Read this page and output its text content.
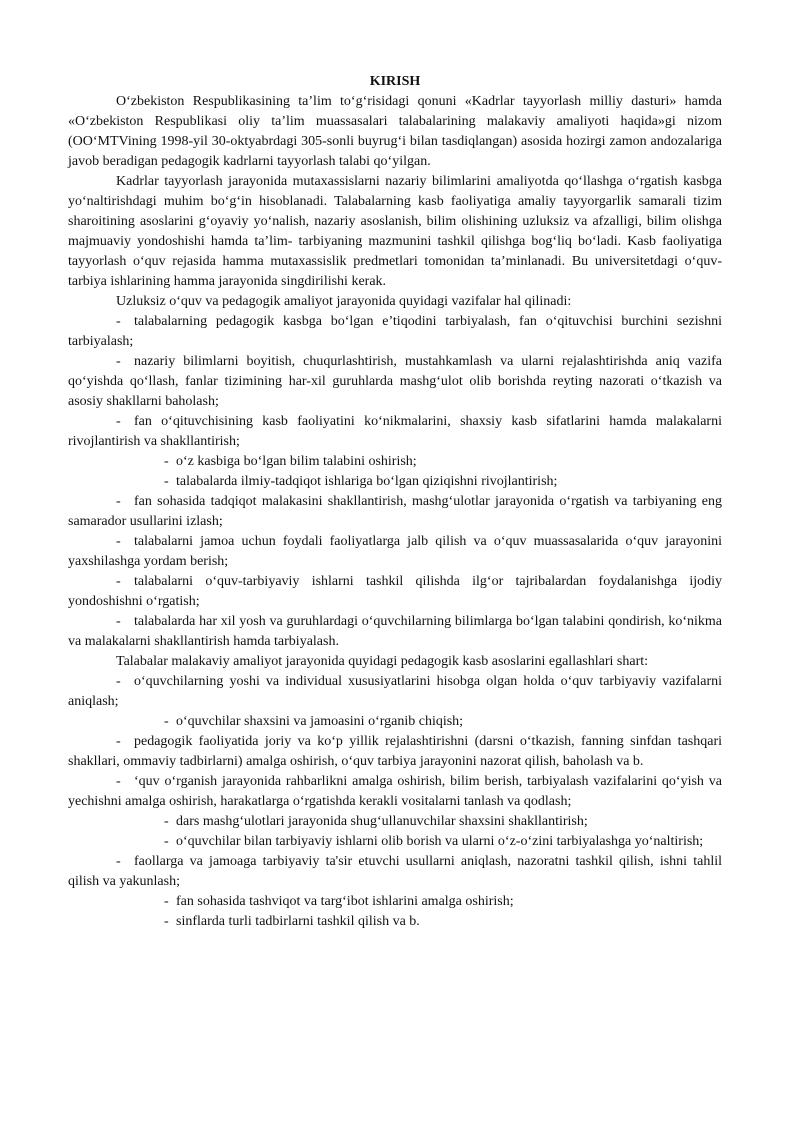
KIRISH

O‘zbekiston Respublikasining ta’lim to‘g‘risidagi qonuni «Kadrlar tayyorlash milliy dasturi» hamda «O‘zbekiston Respublikasi oliy ta’lim muassasalari talabalarining malakaviy amaliyoti haqida»gi nizom (OO‘MTVining 1998-yil 30-oktyabrdagi 305-sonli buyrug‘i bilan tasdiqlangan) asosida hozirgi zamon andozalariga javob beradigan pedagogik kadrlarni tayyorlash talabi qo‘yilgan.

Kadrlar tayyorlash jarayonida mutaxassislarni nazariy bilimlarini amaliyotda qo‘llashga o‘rgatish kasbga yo‘naltirishdagi muhim bo‘g‘in hisoblanadi. Talabalarning kasb faoliyatiga amaliy tayyorgarlik samarali tizim sharoitining asoslarini g‘oyaviy yo‘nalish, nazariy asoslanish, bilim olishining uzluksiz va afzalligi, bilim olishga majmuaviy yondoshishi hamda ta’lim- tarbiyaning mazmunini tashkil qilishga bog‘liq bo‘ladi. Kasb faoliyatiga tayyorlash o‘quv rejasida hamma mutaxassislik predmetlari tomonidan ta’minlanadi. Bu universitetdagi o‘quv-tarbiya ishlarining hamma jarayonida singdirilishi kerak.

Uzluksiz o‘quv va pedagogik amaliyot jarayonida quyidagi vazifalar hal qilinadi:

- talabalarning pedagogik kasbga bo‘lgan e’tiqodini tarbiyalash, fan o‘qituvchisi burchini sezishni tarbiyalash;

- nazariy bilimlarni boyitish, chuqurlashtirish, mustahkamlash va ularni rejalashtirishda aniq vazifa qo‘yishda qo‘llash, fanlar tizimining har-xil guruhlarda mashg‘ulot olib borishda reyting nazorati o‘tkazish va asosiy shakllarni baholash;

- fan o‘qituvchisining kasb faoliyatini ko‘nikmalarini, shaxsiy kasb sifatlarini hamda malakalarni rivojlantirish va shakllantirish;

- o‘z kasbiga bo‘lgan bilim talabini oshirish;

- talabalarda ilmiy-tadqiqot ishlariga bo‘lgan qiziqishni rivojlantirish;

- fan sohasida tadqiqot malakasini shakllantirish, mashg‘ulotlar jarayonida o‘rgatish va tarbiyaning eng samarador usullarini izlash;

- talabalarni jamoa uchun foydali faoliyatlarga jalb qilish va o‘quv muassasalarida o‘quv jarayonini yaxshilashga yordam berish;

- talabalarni o‘quv-tarbiyaviy ishlarni tashkil qilishda ilg‘or tajribalardan foydalanishga ijodiy yondoshishni o‘rgatish;

- talabalarda har xil yosh va guruhlardagi o‘quvchilarning bilimlarga bo‘lgan talabini qondirish, ko‘nikma va malakalarni shakllantirish hamda tarbiyalash.

Talabalar malakaviy amaliyot jarayonida quyidagi pedagogik kasb asoslarini egallashlari shart:

- o‘quvchilarning yoshi va individual xususiyatlarini hisobga olgan holda o‘quv tarbiyaviy vazifalarni aniqlash;

- o‘quvchilar shaxsini va jamoasini o‘rganib chiqish;

- pedagogik faoliyatida joriy va ko‘p yillik rejalashtirishni (darsni o‘tkazish, fanning sinfdan tashqari shakllari, ommaviy tadbirlarni) amalga oshirish, o‘quv tarbiya jarayonini nazorat qilish, baholash va b.

- ‘quv o‘rganish jarayonida rahbarlikni amalga oshirish, bilim berish, tarbiyalash vazifalarini qo‘yish va yechishni amalga oshirish, harakatlarga o‘rgatishda kerakli vositalarni tanlash va qodlash;

- dars mashg‘ulotlari jarayonida shug‘ullanuvchilar shaxsini shakllantirish;

- o‘quvchilar bilan tarbiyaviy ishlarni olib borish va ularni o‘z-o‘zini tarbiyalashga yo‘naltirish;

- faollarga va jamoaga tarbiyaviy ta'sir etuvchi usullarni aniqlash, nazoratni tashkil qilish, ishni tahlil qilish va yakunlash;

- fan sohasida tashviqot va targ‘ibot ishlarini amalga oshirish;

- sinflarda turli tadbirlarni tashkil qilish va b.
